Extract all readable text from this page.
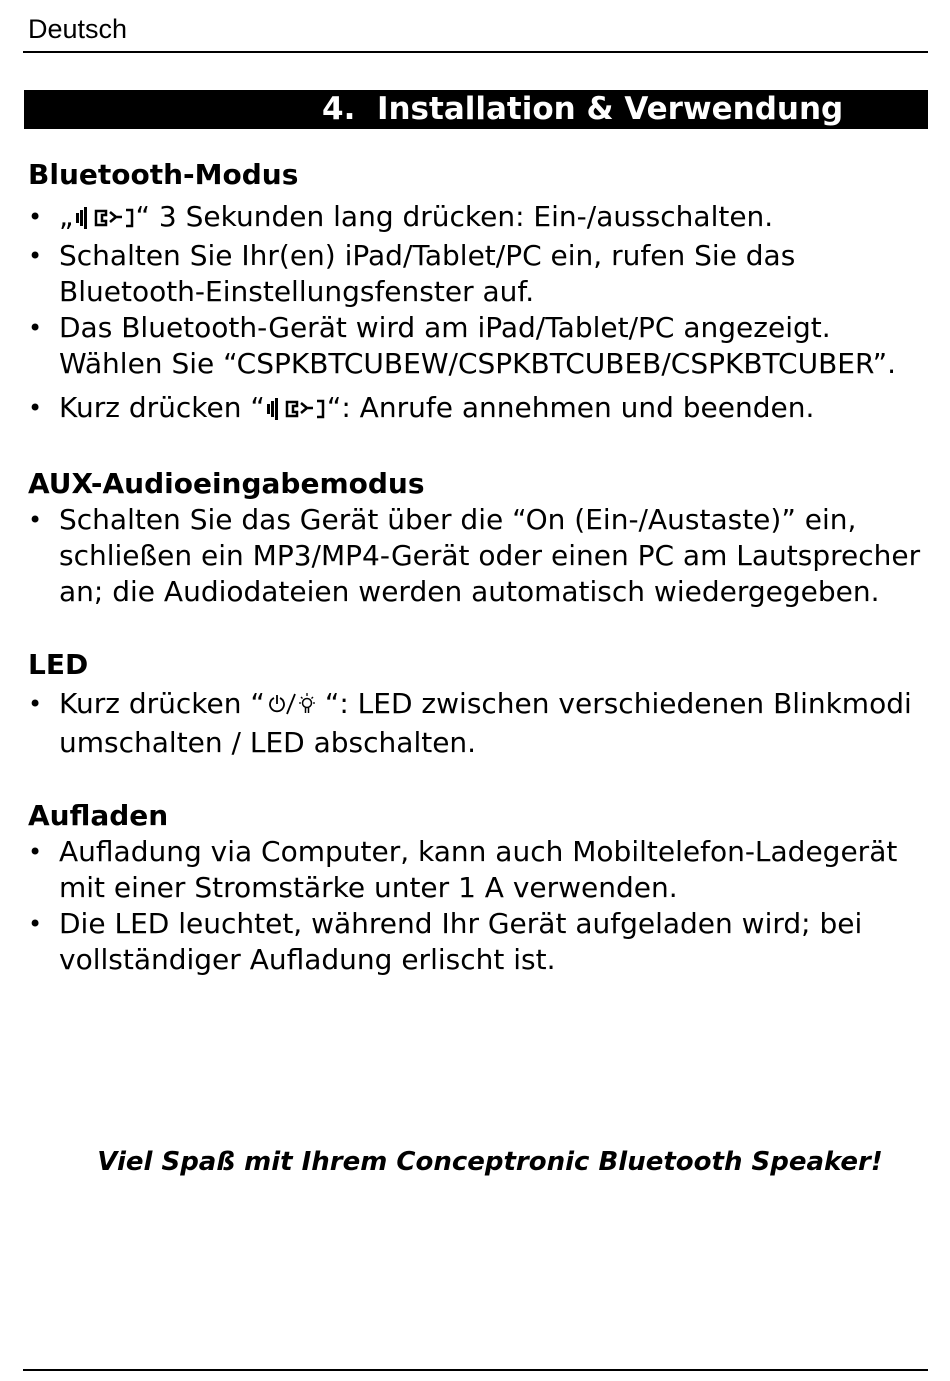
Deutsch
4. Installation & Verwendung
Bluetooth-Modus
• „ “ 3 Sekunden lang drücken: Ein-/ausschalten.
• Schalten Sie Ihr(en) iPad/Tablet/PC ein, rufen Sie das Bluetooth-Einstellungsfenster auf.
• Das Bluetooth-Gerät wird am iPad/Tablet/PC angezeigt. Wählen Sie “CSPKBTCUBEW/CSPKBTCUBEB/CSPKBTCUBER”.
• Kurz drücken “ “: Anrufe annehmen und beenden.
AUX-Audioeingabemodus
• Schalten Sie das Gerät über die “On (Ein-/Austaste)” ein, schließen ein MP3/MP4-Gerät oder einen PC am Lautsprecher an; die Audiodateien werden automatisch wiedergegeben.
LED
• Kurz drücken “ “: LED zwischen verschiedenen Blinkmodi umschalten / LED abschalten.
Aufladen
• Aufladung via Computer, kann auch Mobiltelefon-Ladegerät mit einer Stromstärke unter 1 A verwenden.
• Die LED leuchtet, während Ihr Gerät aufgeladen wird; bei vollständiger Aufladung erlischt ist.
Viel Spaß mit Ihrem Conceptronic Bluetooth Speaker!
